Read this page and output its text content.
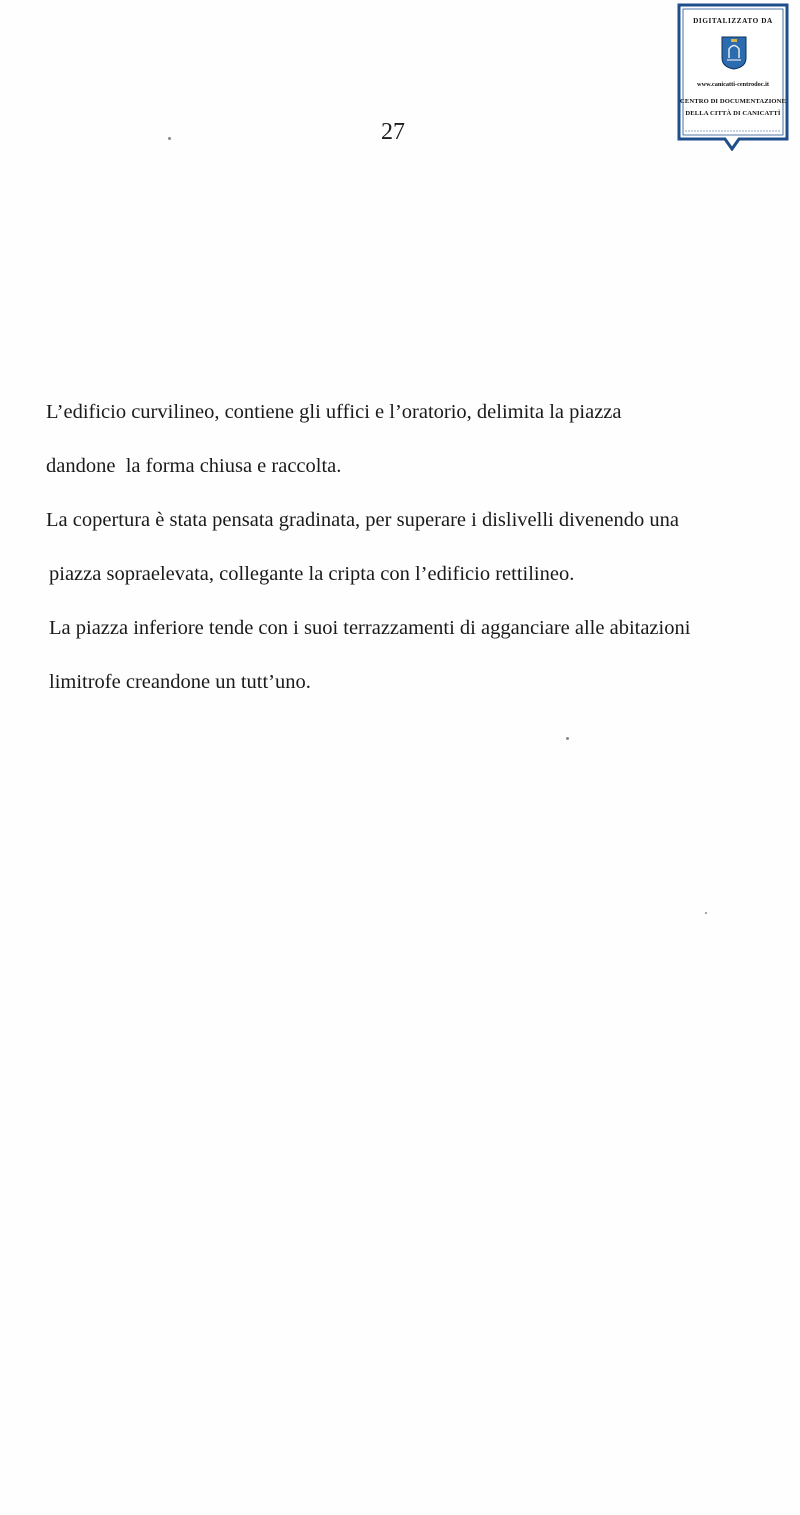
27
L’edificio curvilineo, contiene gli uffici e l’oratorio, delimita la piazza
dandone  la forma chiusa e raccolta.
La copertura è stata pensata gradinata, per superare i dislivelli divenendo una
piazza sopraelevata, collegante la cripta con l’edificio rettilineo.
La piazza inferiore tende con i suoi terrazzamenti di agganciare alle abitazioni
limitrofe creandone un tutt’uno.
DIGITALIZZATO DA
www.canicatti-centrodoc.it
CENTRO DI DOCUMENTAZIONE
DELLA CITTÀ DI CANICATTÌ
